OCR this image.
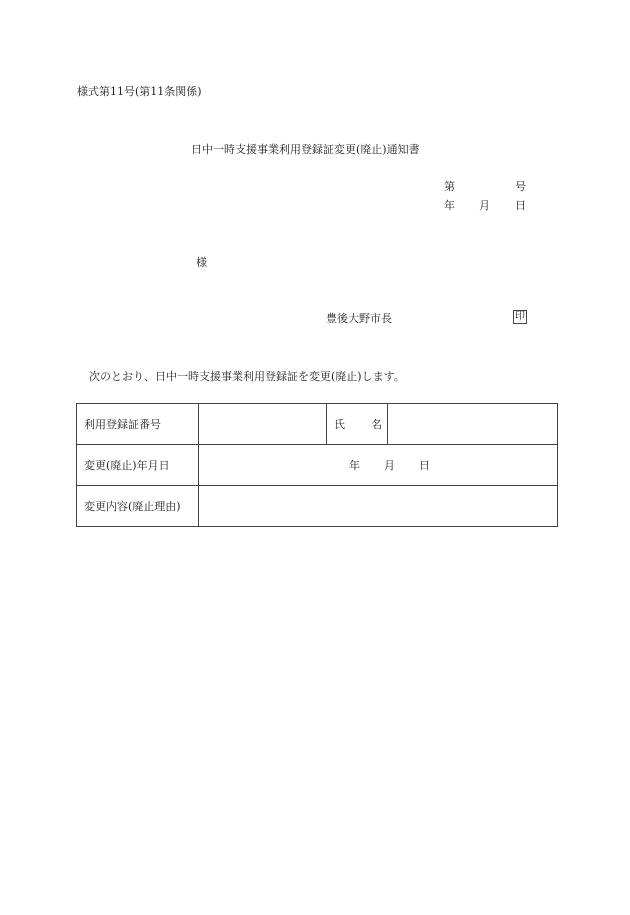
様式第11号(第11条関係)
日中一時支援事業利用登録証変更(廃止)通知書
第	号
年 月 日
様
豊後大野市長	印
次のとおり、日中一時支援事業利用登録証を変更(廃止)します。
利用登録証番号		氏 名	
変更(廃止)年月日	年 月 日		
変更内容(廃止理由)			
